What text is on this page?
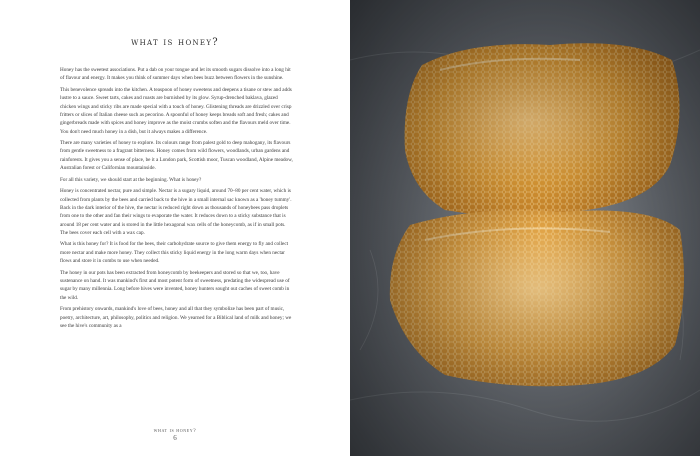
what is honey?

Honey has the sweetest associations. Put a dab on your tongue and let its smooth sugars dissolve into a long hit of flavour and energy. It makes you think of summer days when bees buzz between flowers in the sunshine.

This benevolence spreads into the kitchen. A teaspoon of honey sweetens and deepens a tisane or stew and adds lustre to a sauce. Sweet tarts, cakes and roasts are burnished by its glow. Syrup-drenched baklava, glazed chicken wings and sticky ribs are made special with a touch of honey. Glistening threads are drizzled over crisp fritters or slices of Italian cheese such as pecorino. A spoonful of honey keeps breads soft and fresh; cakes and gingerbreads made with spices and honey improve as the moist crumbs soften and the flavours meld over time. You don't need much honey in a dish, but it always makes a difference.

There are many varieties of honey to explore. Its colours range from palest gold to deep mahogany, its flavours from gentle sweetness to a fragrant bitterness. Honey comes from wild flowers, woodlands, urban gardens and rainforests. It gives you a sense of place, be it a London park, Scottish moor, Tuscan woodland, Alpine meadow, Australian forest or Californian mountainside.

For all this variety, we should start at the beginning. What is honey?

Honey is concentrated nectar, pure and simple. Nectar is a sugary liquid, around 70–80 per cent water, which is collected from plants by the bees and carried back to the hive in a small internal sac known as a 'honey tummy'. Back in the dark interior of the hive, the nectar is reduced right down as thousands of honeybees pass droplets from one to the other and fan their wings to evaporate the water. It reduces down to a sticky substance that is around 18 per cent water and is stored in the little hexagonal wax cells of the honeycomb, as if in small pots. The bees cover each cell with a wax cap.

What is this honey for? It is food for the bees, their carbohydrate source to give them energy to fly and collect more nectar and make more honey. They collect this sticky liquid energy in the long warm days when nectar flows and store it in combs to use when needed.

The honey in our pots has been extracted from honeycomb by beekeepers and stored so that we, too, have sustenance on hand. It was mankind's first and most potent form of sweetness, predating the widespread use of sugar by many millennia. Long before hives were invented, honey hunters sought out caches of sweet comb in the wild.

From prehistory onwards, mankind's love of bees, honey and all that they symbolize has been part of music, poetry, architecture, art, philosophy, politics and religion. We yearned for a Biblical land of milk and honey; we see the hive's community as a

what is honey?
6
